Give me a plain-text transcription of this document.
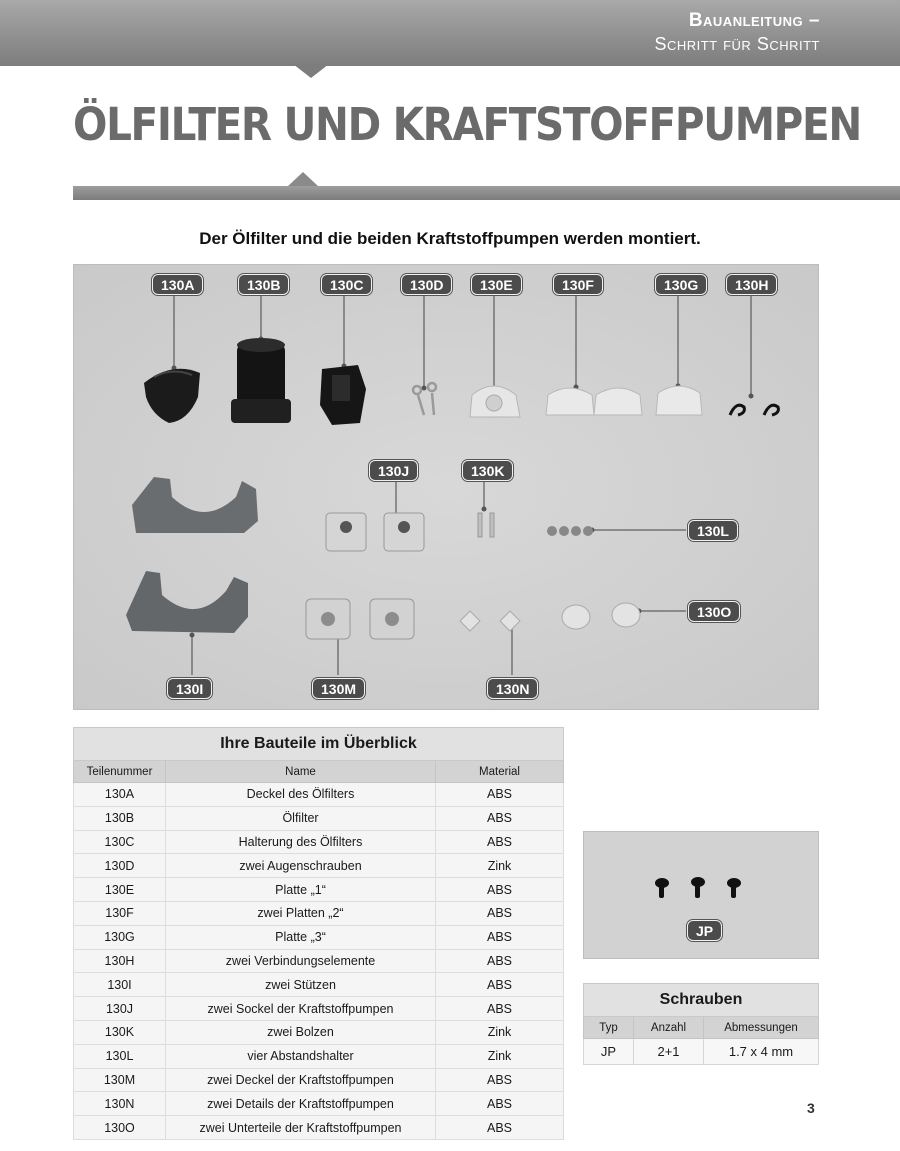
Bauanleitung –
Schritt für Schritt
ÖLFILTER UND KRAFTSTOFFPUMPEN
Der Ölfilter und die beiden Kraftstoffpumpen werden montiert.
130A	130B	130C	130D	130E	130F	130G	130H
130J	130K
130L
130O
130I	130M	130N
Ihre Bauteile im Überblick		
Teilenummer	Name	Material
130A	Deckel des Ölfilters	ABS
130B	Ölfilter	ABS
130C	Halterung des Ölfilters	ABS
130D	zwei Augenschrauben	Zink
130E	Platte „1“	ABS
130F	zwei Platten „2“	ABS
130G	Platte „3“	ABS
130H	zwei Verbindungselemente	ABS
130I	zwei Stützen	ABS
130J	zwei Sockel der Kraftstoffpumpen	ABS
130K	zwei Bolzen	Zink
130L	vier Abstandshalter	Zink
130M	zwei Deckel der Kraftstoffpumpen	ABS
130N	zwei Details der Kraftstoffpumpen	ABS
130O	zwei Unterteile der Kraftstoffpumpen	ABS
JP
Schrauben		
Typ	Anzahl	Abmessungen
JP	2+1	1.7 x 4 mm
3
